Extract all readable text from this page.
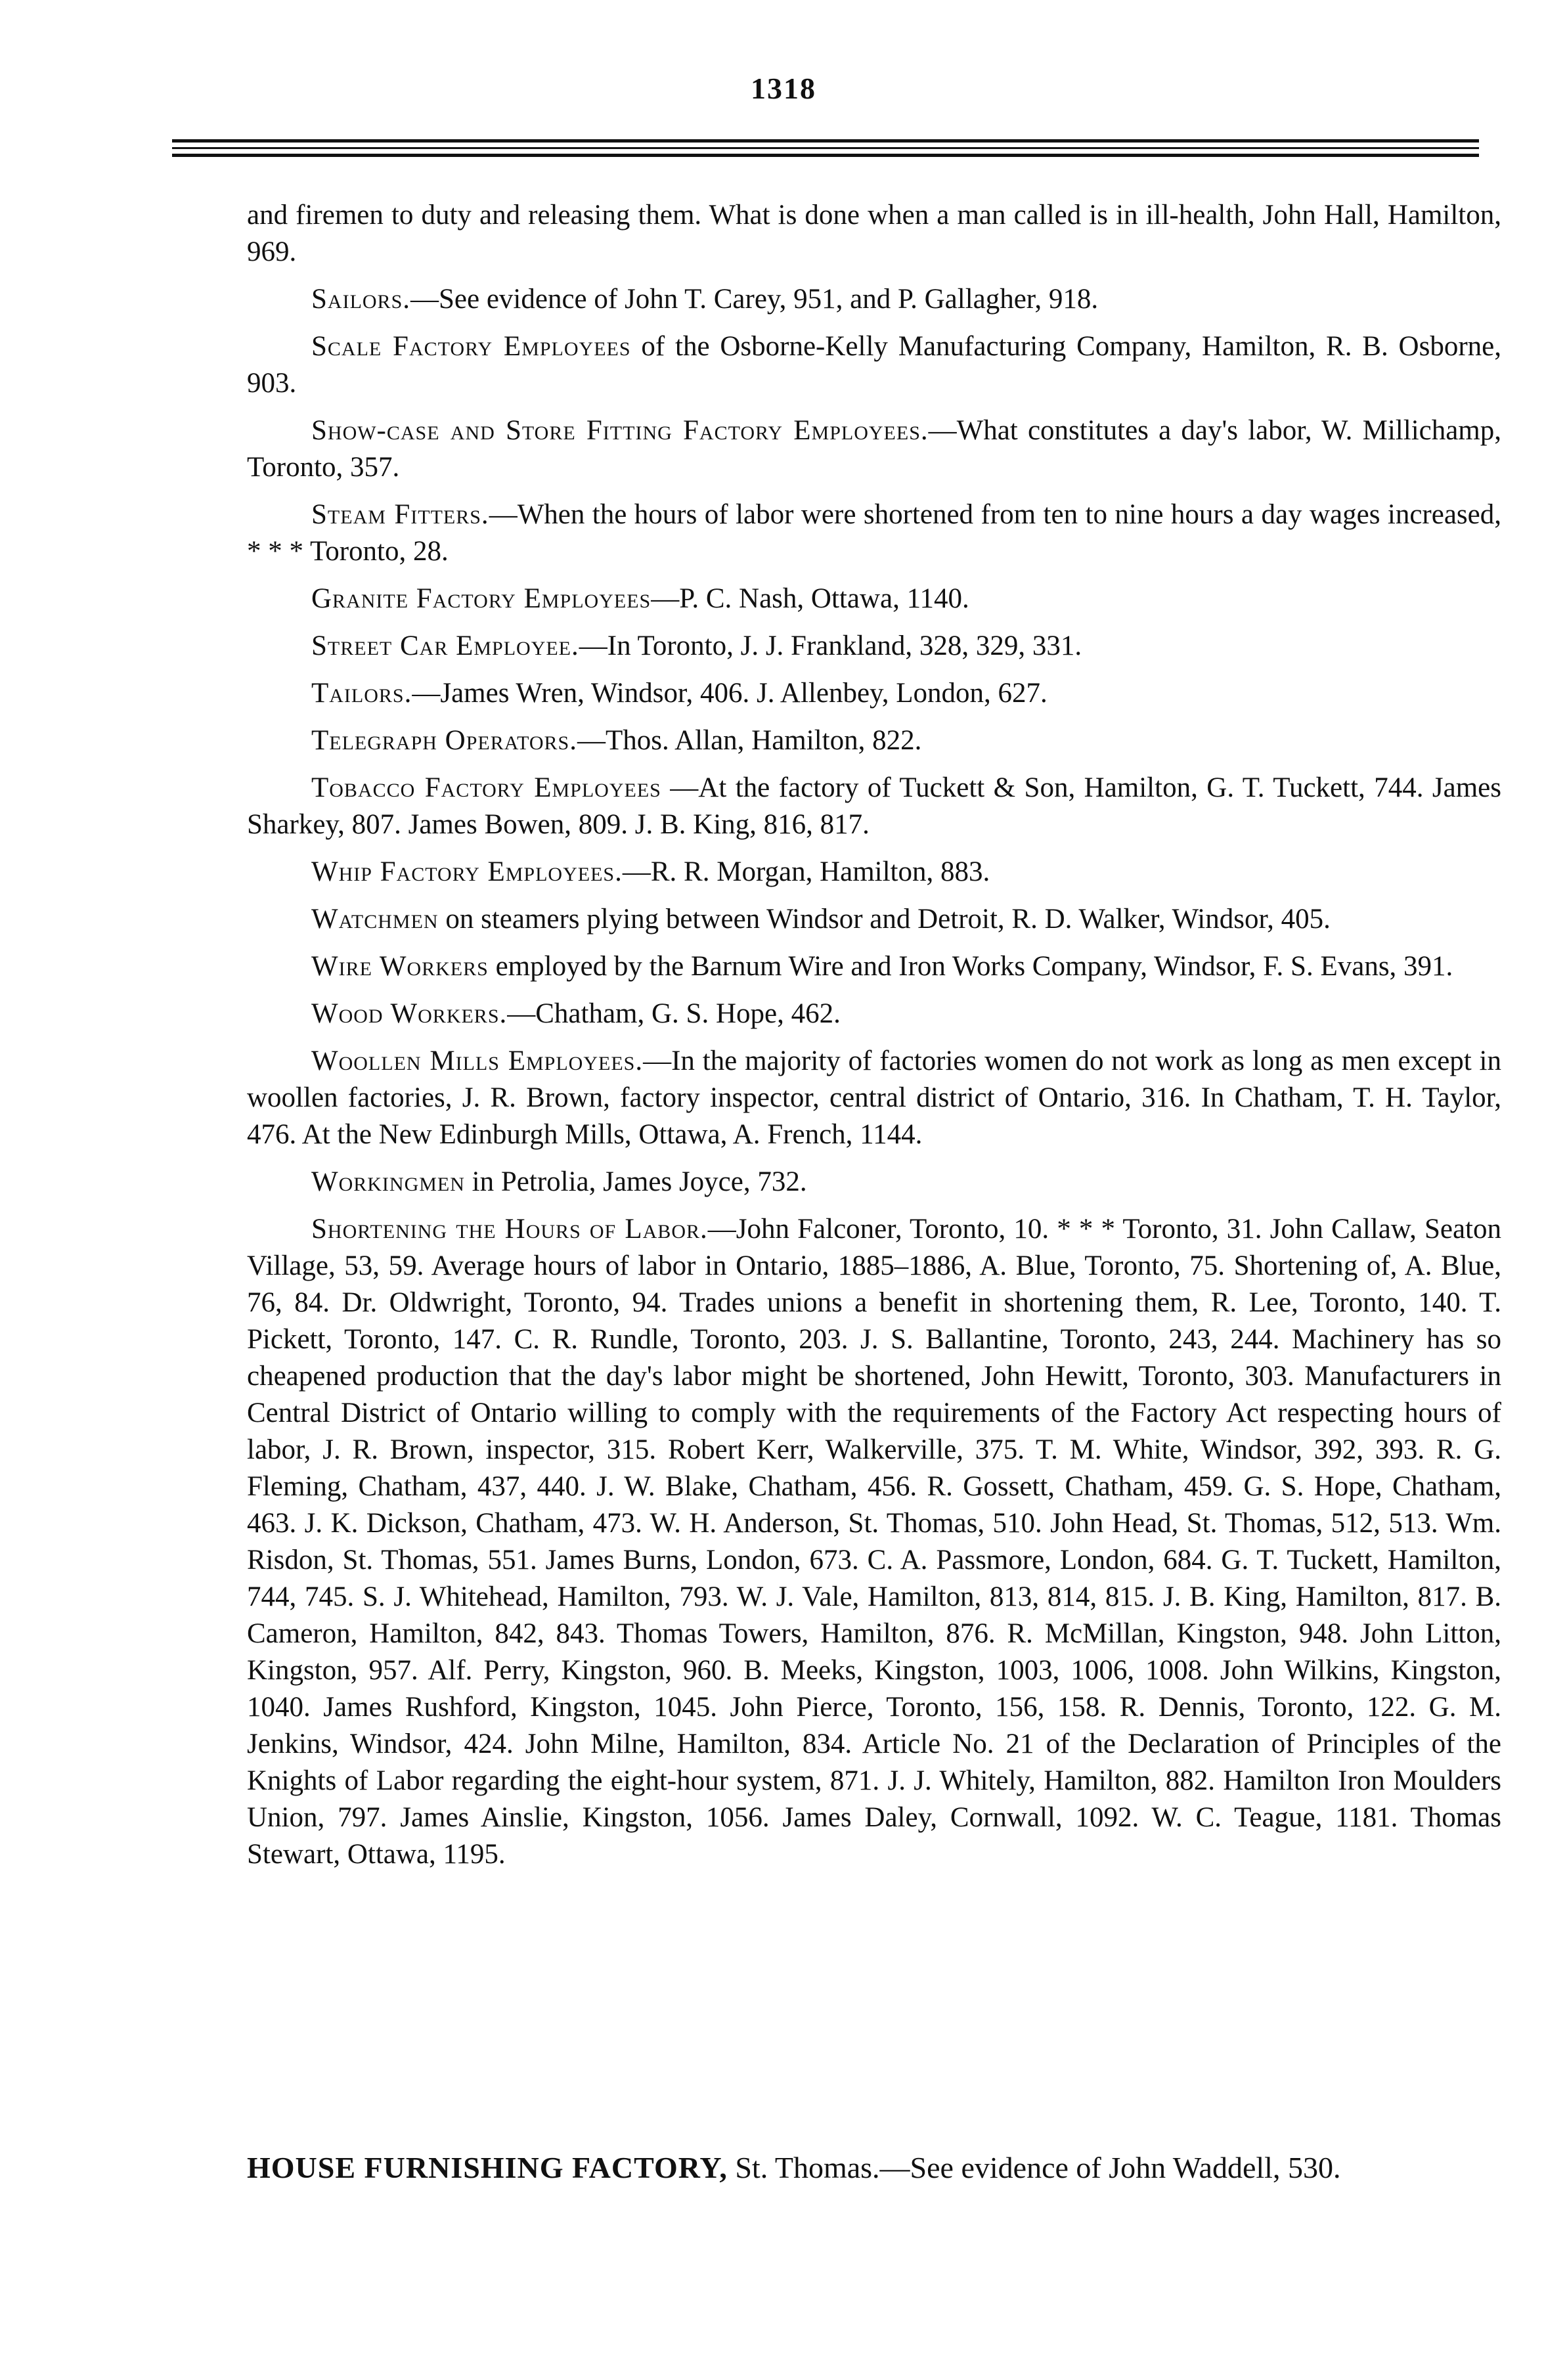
1318

and firemen to duty and releasing them. What is done when a man called is in ill-health, John Hall, Hamilton, 969.

Sailors.—See evidence of John T. Carey, 951, and P. Gallagher, 918.

Scale Factory Employees of the Osborne-Kelly Manufacturing Company, Hamilton, R. B. Osborne, 903.

Show-case and Store Fitting Factory Employees.—What constitutes a day's labor, W. Millichamp, Toronto, 357.

Steam Fitters.—When the hours of labor were shortened from ten to nine hours a day wages increased, * * * Toronto, 28.

Granite Factory Employees—P. C. Nash, Ottawa, 1140.

Street Car Employee.—In Toronto, J. J. Frankland, 328, 329, 331.

Tailors.—James Wren, Windsor, 406. J. Allenbey, London, 627.

Telegraph Operators.—Thos. Allan, Hamilton, 822.

Tobacco Factory Employees —At the factory of Tuckett & Son, Hamilton, G. T. Tuckett, 744. James Sharkey, 807. James Bowen, 809. J. B. King, 816, 817.

Whip Factory Employees.—R. R. Morgan, Hamilton, 883.

Watchmen on steamers plying between Windsor and Detroit, R. D. Walker, Windsor, 405.

Wire Workers employed by the Barnum Wire and Iron Works Company, Windsor, F. S. Evans, 391.

Wood Workers.—Chatham, G. S. Hope, 462.

Woollen Mills Employees.—In the majority of factories women do not work as long as men except in woollen factories, J. R. Brown, factory inspector, central district of Ontario, 316. In Chatham, T. H. Taylor, 476. At the New Edinburgh Mills, Ottawa, A. French, 1144.

Workingmen in Petrolia, James Joyce, 732.

Shortening the Hours of Labor.—John Falconer, Toronto, 10. * * * Toronto, 31. John Callaw, Seaton Village, 53, 59. Average hours of labor in Ontario, 1885–1886, A. Blue, Toronto, 75. Shortening of, A. Blue, 76, 84. Dr. Oldwright, Toronto, 94. Trades unions a benefit in shortening them, R. Lee, Toronto, 140. T. Pickett, Toronto, 147. C. R. Rundle, Toronto, 203. J. S. Ballantine, Toronto, 243, 244. Machinery has so cheapened production that the day's labor might be shortened, John Hewitt, Toronto, 303. Manufacturers in Central District of Ontario willing to comply with the requirements of the Factory Act respecting hours of labor, J. R. Brown, inspector, 315. Robert Kerr, Walkerville, 375. T. M. White, Windsor, 392, 393. R. G. Fleming, Chatham, 437, 440. J. W. Blake, Chatham, 456. R. Gossett, Chatham, 459. G. S. Hope, Chatham, 463. J. K. Dickson, Chatham, 473. W. H. Anderson, St. Thomas, 510. John Head, St. Thomas, 512, 513. Wm. Risdon, St. Thomas, 551. James Burns, London, 673. C. A. Passmore, London, 684. G. T. Tuckett, Hamilton, 744, 745. S. J. Whitehead, Hamilton, 793. W. J. Vale, Hamilton, 813, 814, 815. J. B. King, Hamilton, 817. B. Cameron, Hamilton, 842, 843. Thomas Towers, Hamilton, 876. R. McMillan, Kingston, 948. John Litton, Kingston, 957. Alf. Perry, Kingston, 960. B. Meeks, Kingston, 1003, 1006, 1008. John Wilkins, Kingston, 1040. James Rushford, Kingston, 1045. John Pierce, Toronto, 156, 158. R. Dennis, Toronto, 122. G. M. Jenkins, Windsor, 424. John Milne, Hamilton, 834. Article No. 21 of the Declaration of Principles of the Knights of Labor regarding the eight-hour system, 871. J. J. Whitely, Hamilton, 882. Hamilton Iron Moulders Union, 797. James Ainslie, Kingston, 1056. James Daley, Cornwall, 1092. W. C. Teague, 1181. Thomas Stewart, Ottawa, 1195.

HOUSE FURNISHING FACTORY, St. Thomas.—See evidence of John Waddell, 530.
